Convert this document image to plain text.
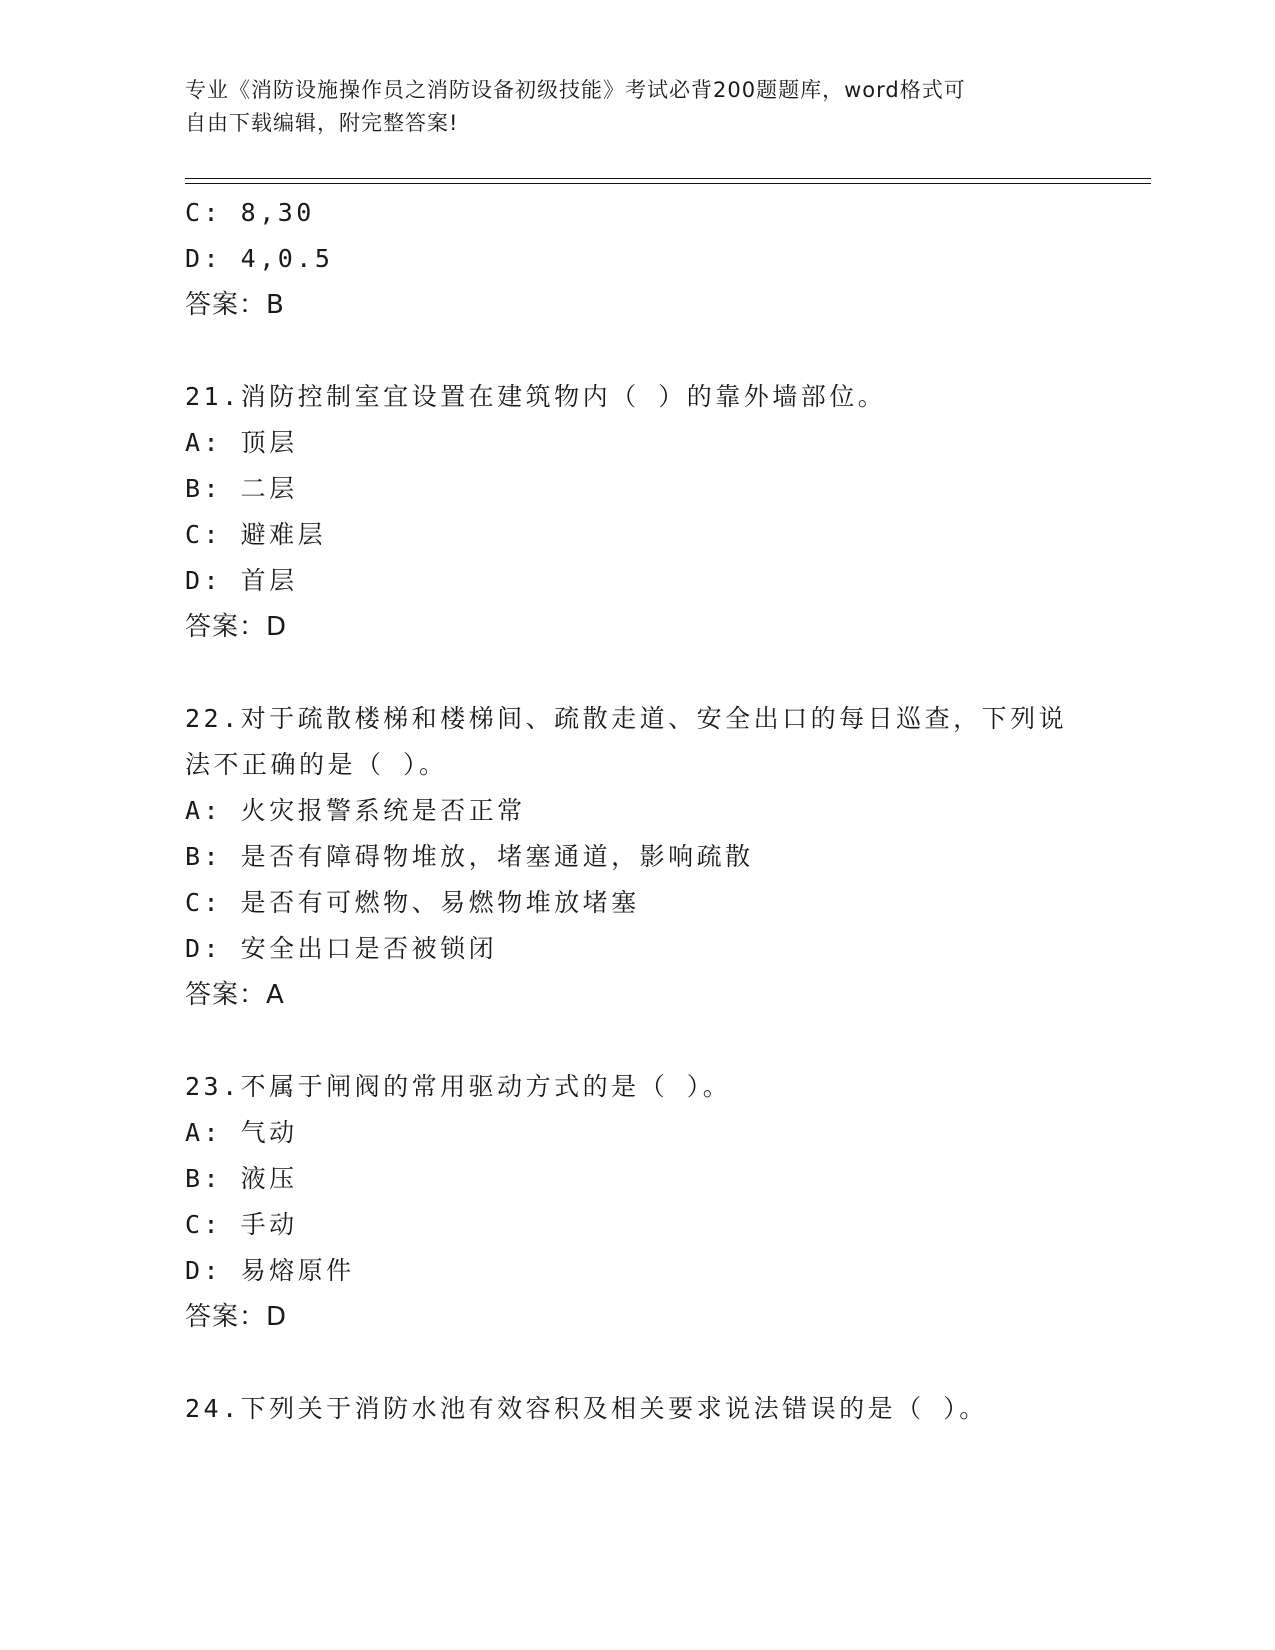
专业《消防设施操作员之消防设备初级技能》考试必背200题题库，word格式可
自由下载编辑，附完整答案!
C: 8,30
D: 4,0.5
答案：B
21.消防控制室宜设置在建筑物内（ ）的靠外墙部位。
A: 顶层
B: 二层
C: 避难层
D: 首层
答案：D
22.对于疏散楼梯和楼梯间、疏散走道、安全出口的每日巡查，下列说
法不正确的是（ ）。
A: 火灾报警系统是否正常
B: 是否有障碍物堆放，堵塞通道，影响疏散
C: 是否有可燃物、易燃物堆放堵塞
D: 安全出口是否被锁闭
答案：A
23.不属于闸阀的常用驱动方式的是（ ）。
A: 气动
B: 液压
C: 手动
D: 易熔原件
答案：D
24.下列关于消防水池有效容积及相关要求说法错误的是（ ）。
